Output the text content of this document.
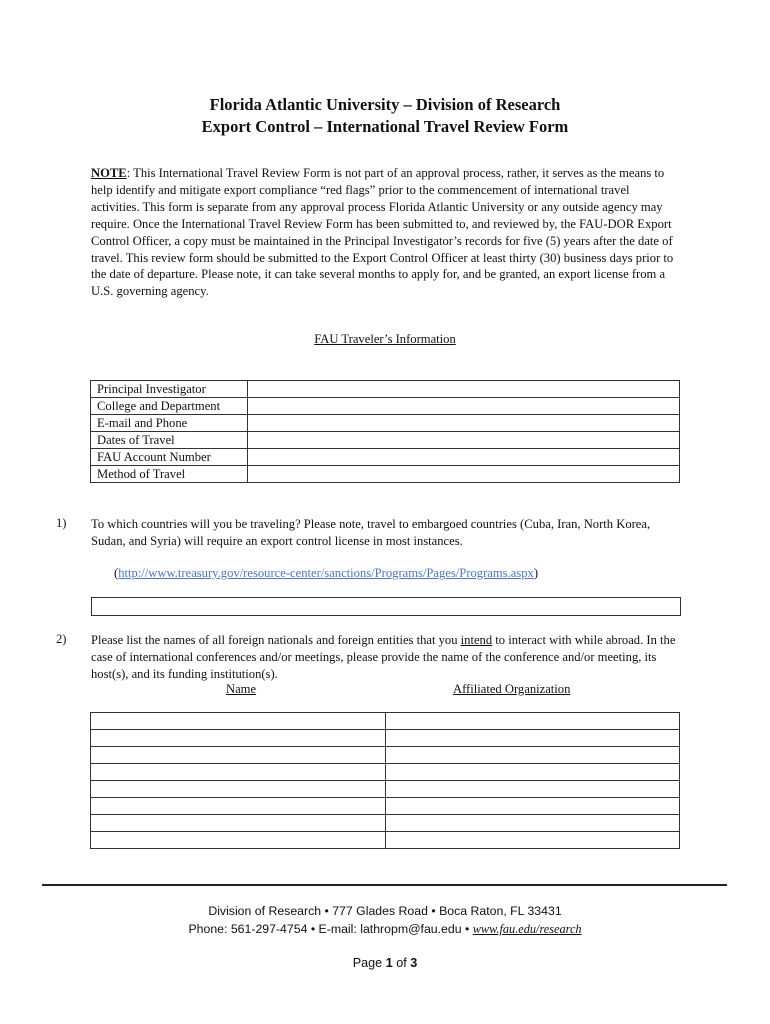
Florida Atlantic University – Division of Research
Export Control – International Travel Review Form
NOTE: This International Travel Review Form is not part of an approval process, rather, it serves as the means to help identify and mitigate export compliance “red flags” prior to the commencement of international travel activities. This form is separate from any approval process Florida Atlantic University or any outside agency may require. Once the International Travel Review Form has been submitted to, and reviewed by, the FAU-DOR Export Control Officer, a copy must be maintained in the Principal Investigator’s records for five (5) years after the date of travel. This review form should be submitted to the Export Control Officer at least thirty (30) business days prior to the date of departure. Please note, it can take several months to apply for, and be granted, an export license from a U.S. governing agency.
FAU Traveler’s Information
Principal Investigator	
College and Department	
E-mail and Phone	
Dates of Travel	
FAU Account Number	
Method of Travel	
1) To which countries will you be traveling? Please note, travel to embargoed countries (Cuba, Iran, North Korea, Sudan, and Syria) will require an export control license in most instances.
(http://www.treasury.gov/resource-center/sanctions/Programs/Pages/Programs.aspx)
2) Please list the names of all foreign nationals and foreign entities that you intend to interact with while abroad. In the case of international conferences and/or meetings, please provide the name of the conference and/or meeting, its host(s), and its funding institution(s).
Name	Affiliated Organization

Division of Research • 777 Glades Road • Boca Raton, FL 33431
Phone: 561-297-4754 • E-mail: lathropm@fau.edu • www.fau.edu/research
Page 1 of 3
